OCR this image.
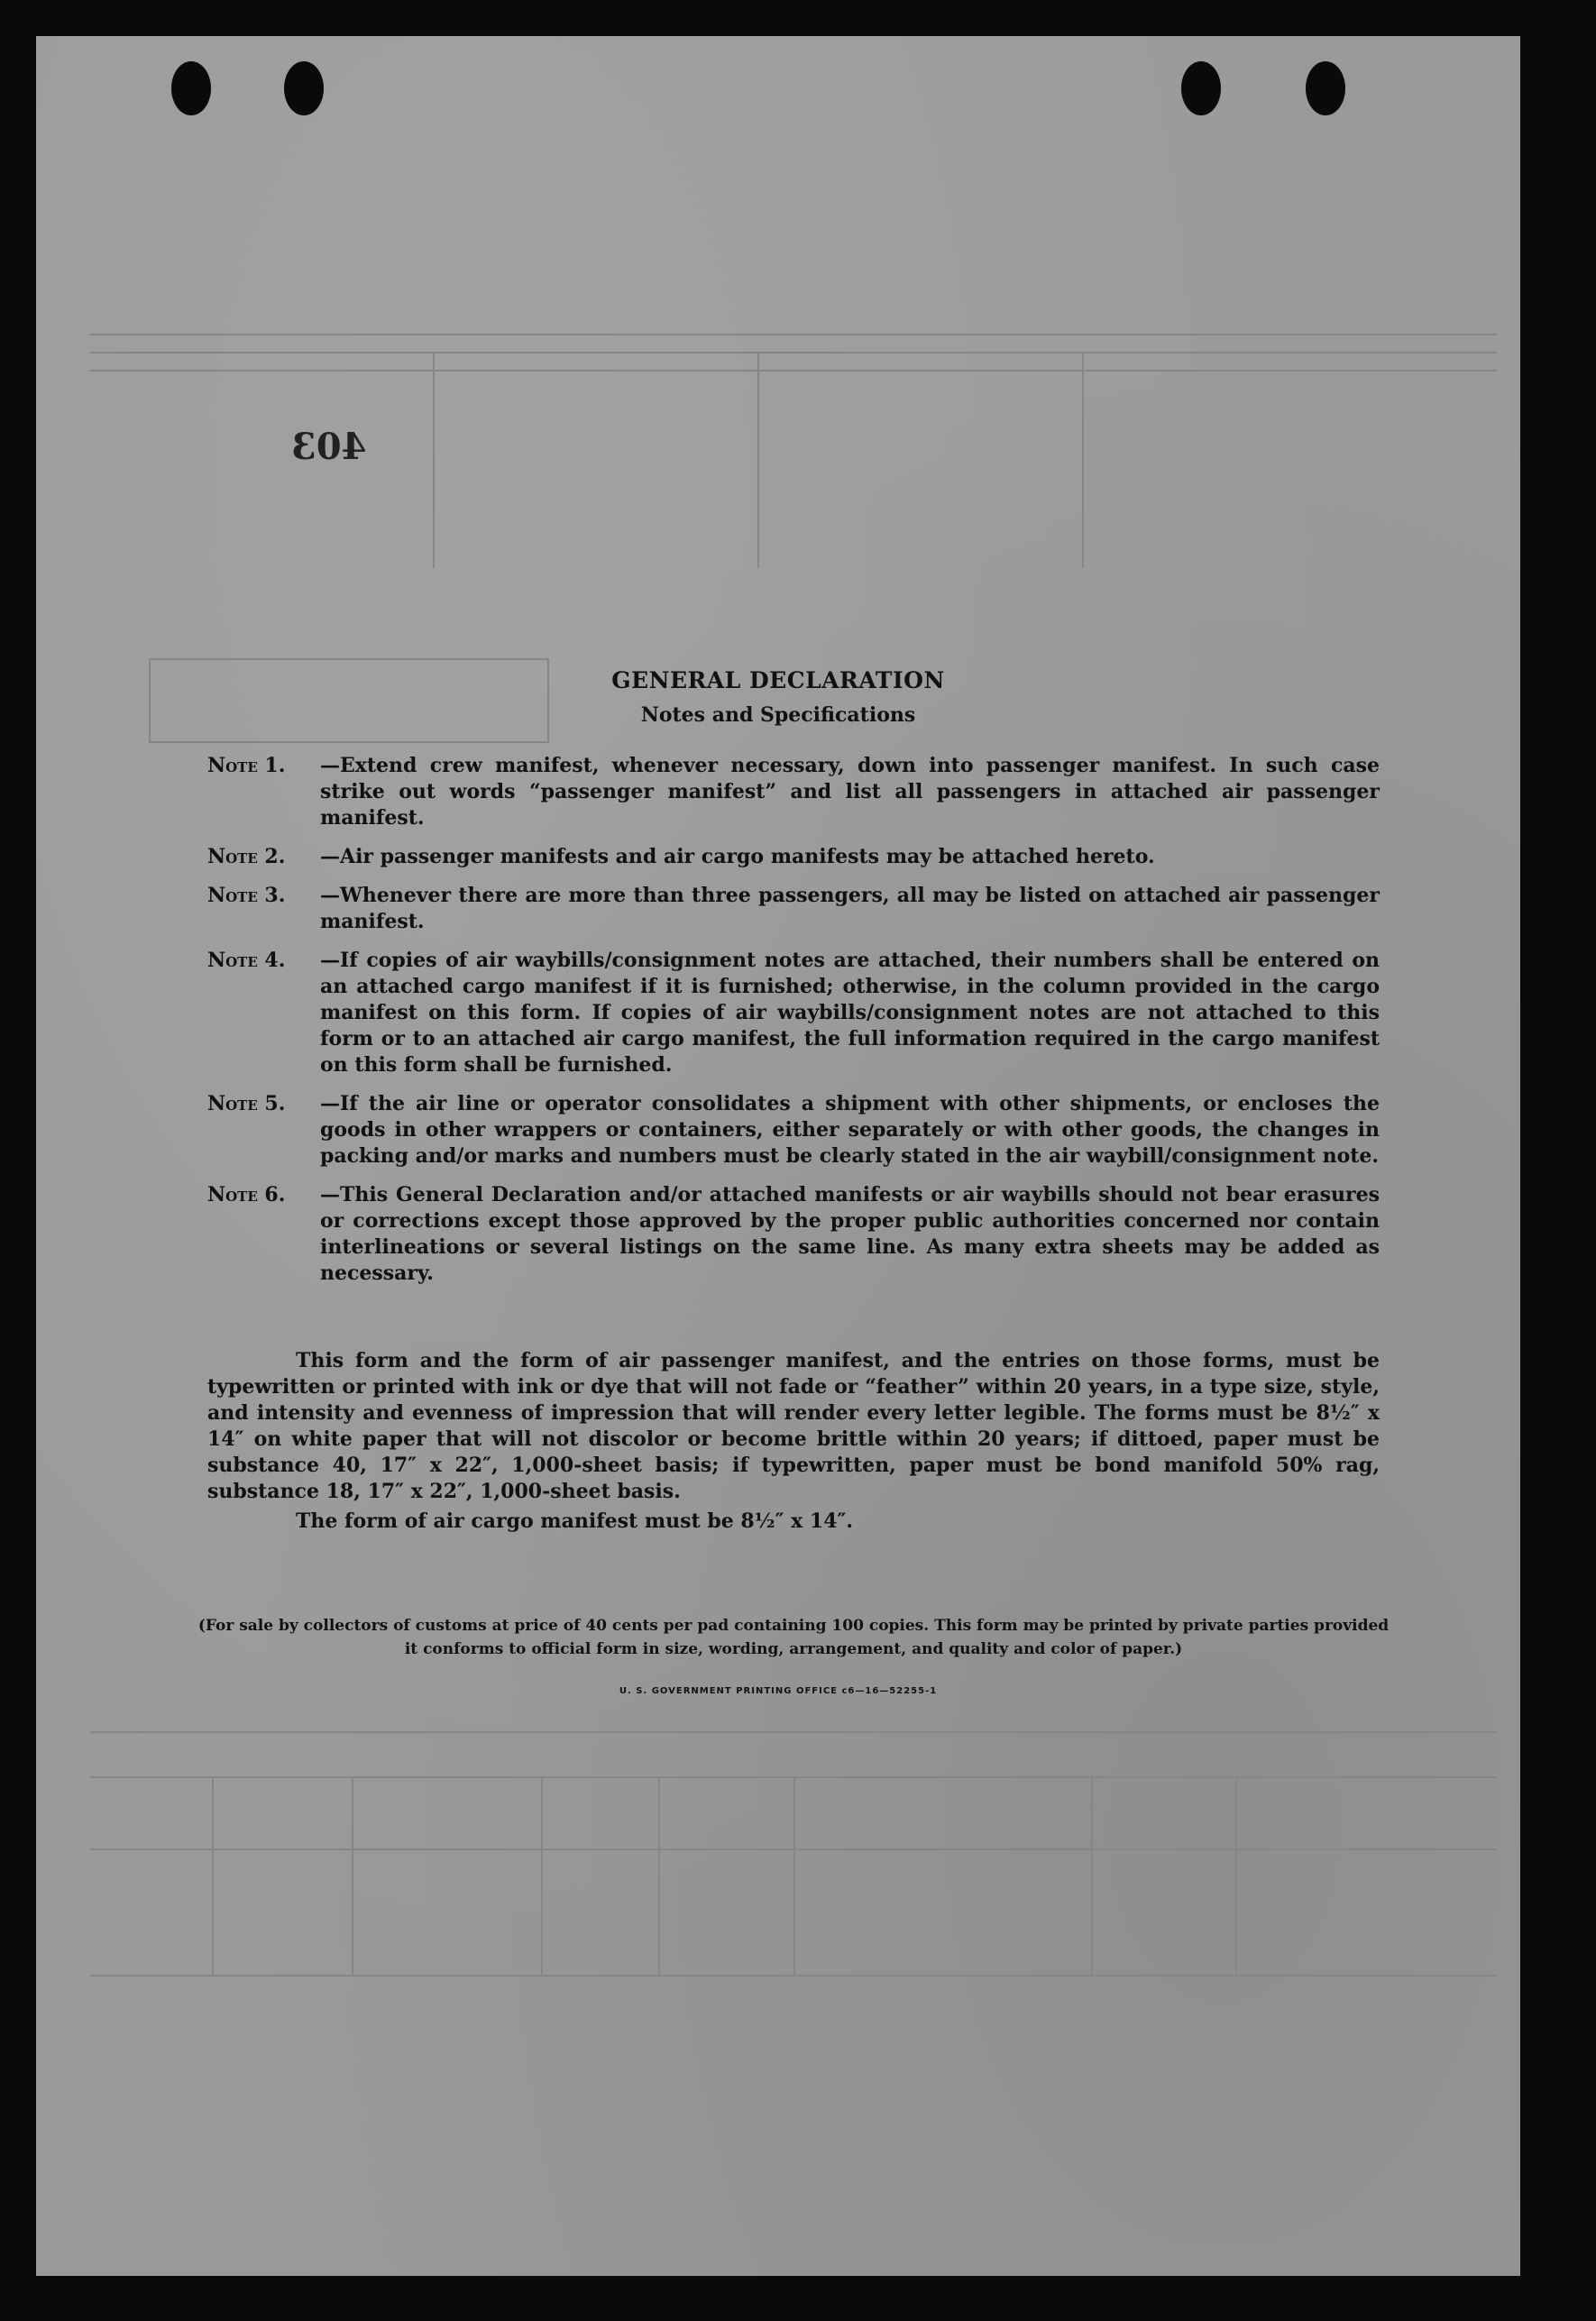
403
GENERAL DECLARATION
Notes and Specifications
Note 1.	—Extend crew manifest, whenever necessary, down into passenger manifest. In such case strike out words “passenger manifest” and list all passengers in attached air passenger manifest.
Note 2.	—Air passenger manifests and air cargo manifests may be attached hereto.
Note 3.	—Whenever there are more than three passengers, all may be listed on attached air passenger manifest.
Note 4.	—If copies of air waybills/consignment notes are attached, their numbers shall be entered on an attached cargo manifest if it is furnished; otherwise, in the column provided in the cargo manifest on this form. If copies of air waybills/consignment notes are not attached to this form or to an attached air cargo manifest, the full information required in the cargo manifest on this form shall be furnished.
Note 5.	—If the air line or operator consolidates a shipment with other shipments, or encloses the goods in other wrappers or containers, either separately or with other goods, the changes in packing and/or marks and numbers must be clearly stated in the air waybill/consignment note.
Note 6.	—This General Declaration and/or attached manifests or air waybills should not bear erasures or corrections except those approved by the proper public authorities concerned nor contain interlineations or several listings on the same line. As many extra sheets may be added as necessary.
This form and the form of air passenger manifest, and the entries on those forms, must be typewritten or printed with ink or dye that will not fade or “feather” within 20 years, in a type size, style, and intensity and evenness of impression that will render every letter legible. The forms must be 8½″ x 14″ on white paper that will not discolor or become brittle within 20 years; if dittoed, paper must be substance 40, 17″ x 22″, 1,000-sheet basis; if typewritten, paper must be bond manifold 50% rag, substance 18, 17″ x 22″, 1,000-sheet basis.
The form of air cargo manifest must be 8½″ x 14″.
(For sale by collectors of customs at price of 40 cents per pad containing 100 copies. This form may be printed by private parties provided it conforms to official form in size, wording, arrangement, and quality and color of paper.)
U. S. GOVERNMENT PRINTING OFFICE c6—16—52255-1
